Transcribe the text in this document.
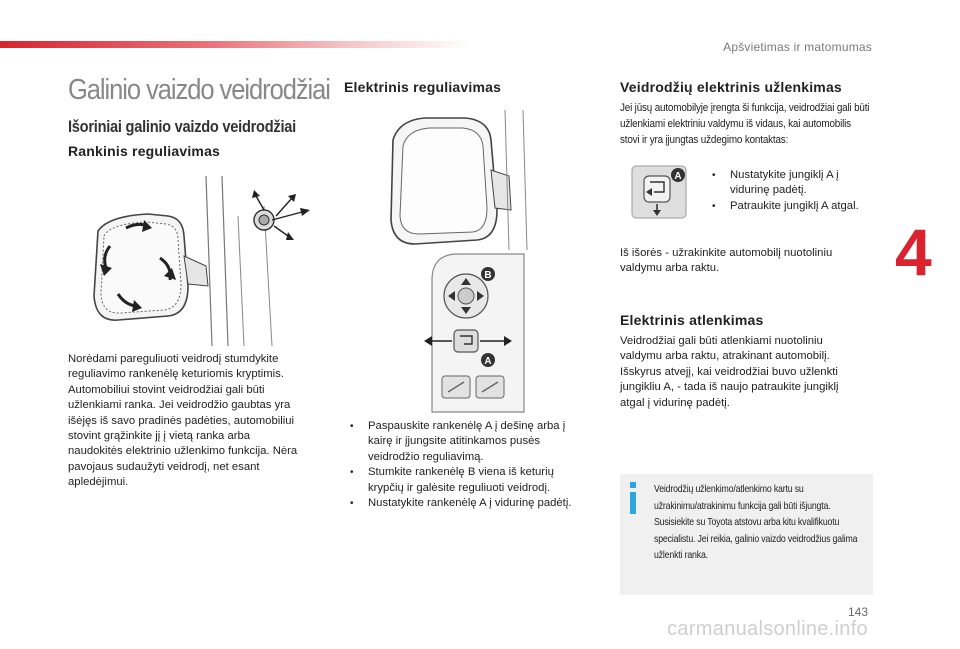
Apšvietimas ir matomumas
4
Galinio vaizdo veidrodžiai
Išoriniai galinio vaizdo veidrodžiai
Rankinis reguliavimas
Norėdami pareguliuoti veidrodį stumdykite reguliavimo rankenėlę keturiomis kryptimis. Automobiliui stovint veidrodžiai gali būti užlenkiami ranka. Jei veidrodžio gaubtas yra išėjęs iš savo pradinės padėties, automobiliui stovint grąžinkite jį į vietą ranka arba naudokitės elektrinio užlenkimo funkcija. Nėra pavojaus sudaužyti veidrodį, net esant apledėjimui.
Elektrinis reguliavimas
B
A
• Paspauskite rankenėlę A į dešinę arba į kairę ir įjungsite atitinkamos pusės veidrodžio reguliavimą.
• Stumkite rankenėlę B viena iš keturių krypčių ir galėsite reguliuoti veidrodį.
• Nustatykite rankenėlę A į vidurinę padėtį.
Veidrodžių elektrinis užlenkimas
Jei jūsų automobilyje įrengta ši funkcija, veidrodžiai gali būti užlenkiami elektriniu valdymu iš vidaus, kai automobilis stovi ir yra įjungtas uždegimo kontaktas:
A	• Nustatykite jungiklį A į vidurinę padėtį.
• Patraukite jungiklį A atgal.
Iš išorės - užrakinkite automobilį nuotoliniu valdymu arba raktu.
Elektrinis atlenkimas
Veidrodžiai gali būti atlenkiami nuotoliniu valdymu arba raktu, atrakinant automobilį. Išskyrus atvejį, kai veidrodžiai buvo užlenkti jungikliu A, - tada iš naujo patraukite jungiklį atgal į vidurinę padėtį.
Veidrodžių užlenkimo/atlenkimo kartu su užrakinimu/atrakinimu funkcija gali būti išjungta. Susisiekite su Toyota atstovu arba kitu kvalifikuotu specialistu. Jei reikia, galinio vaizdo veidrodžius galima užlenkti ranka.
143
carmanualsonline.info
